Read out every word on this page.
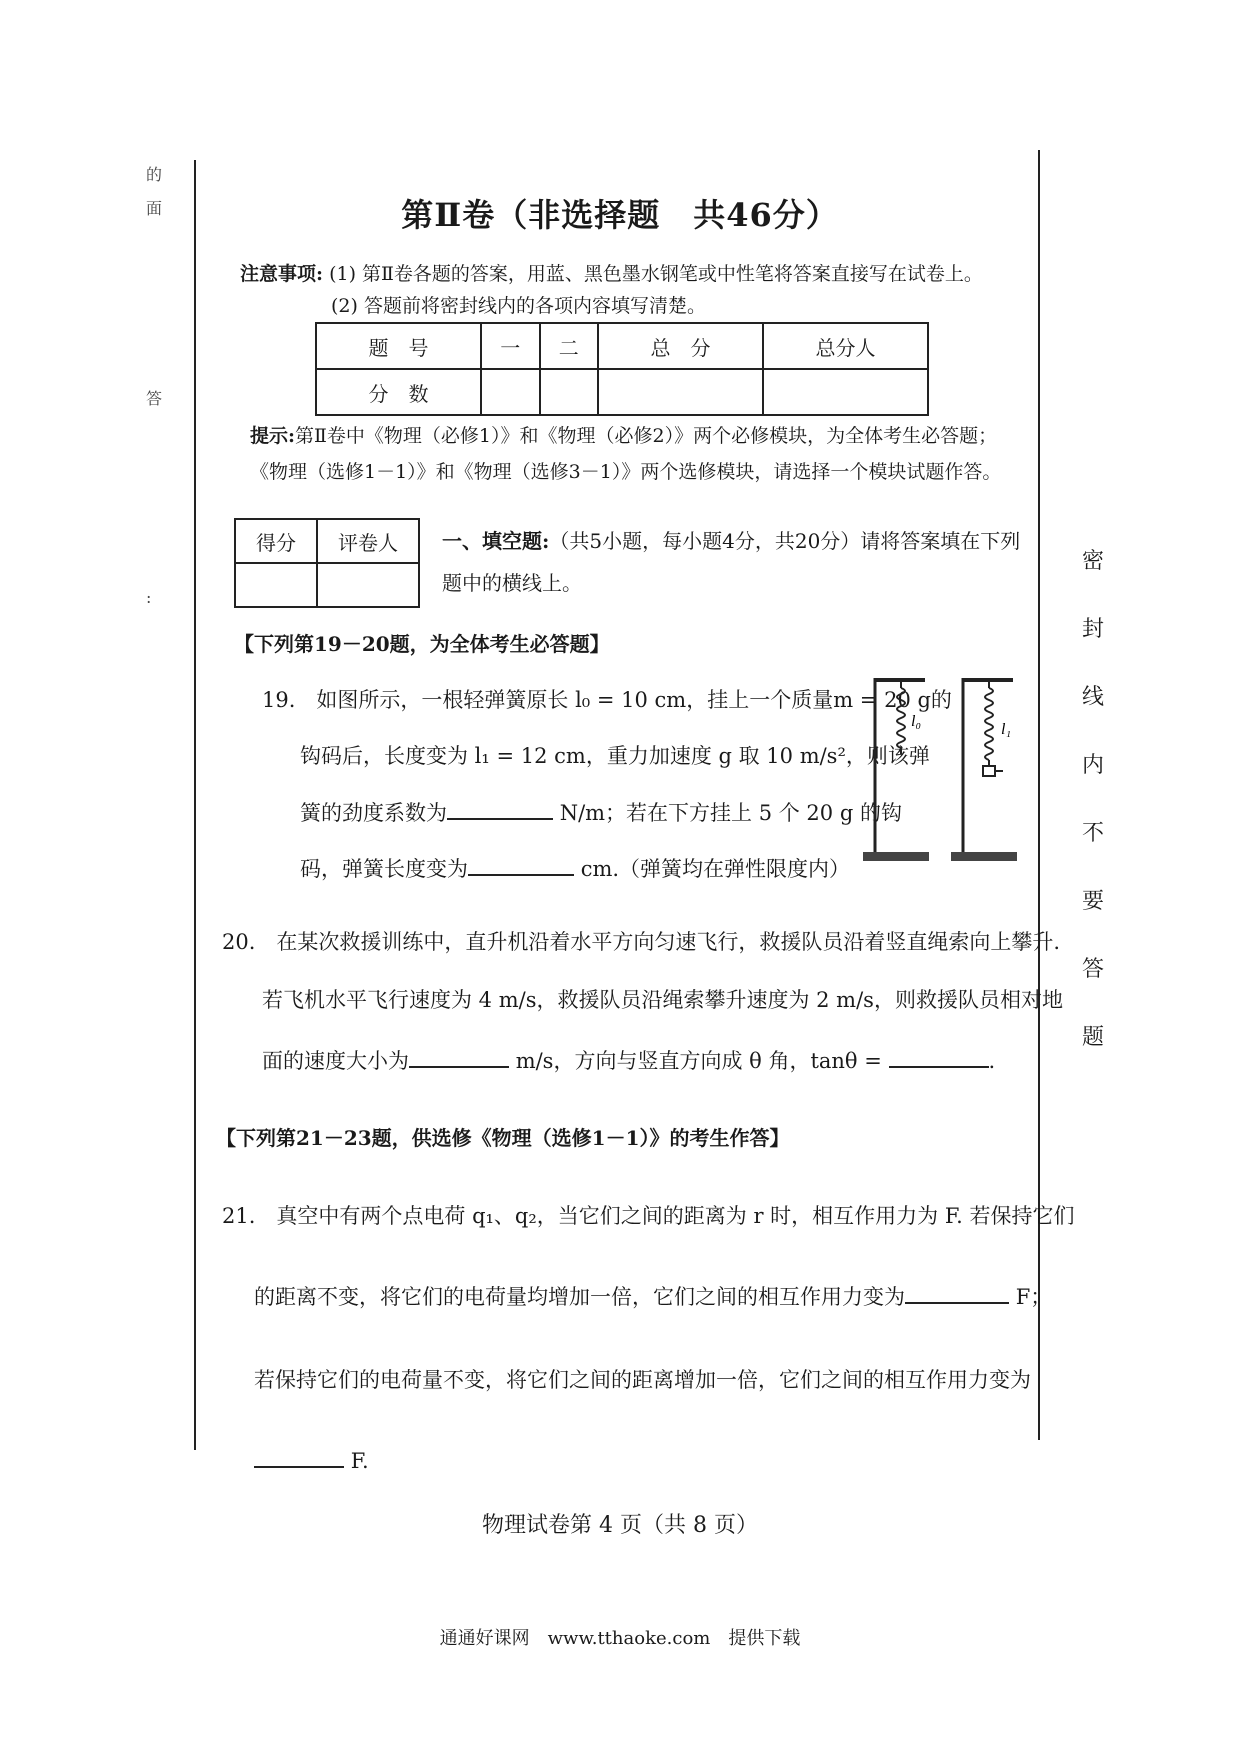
的
面
答
:
第Ⅱ卷（非选择题　共46分）
注意事项: (1) 第Ⅱ卷各题的答案，用蓝、黑色墨水钢笔或中性笔将答案直接写在试卷上。
(2) 答题前将密封线内的各项内容填写清楚。
题　号	一	二	总　分	总分人
分　数				
提示:第Ⅱ卷中《物理（必修1）》和《物理（必修2）》两个必修模块，为全体考生必答题；《物理（选修1－1）》和《物理（选修3－1）》两个选修模块，请选择一个模块试题作答。
得分	评卷人
	一、填空题:（共5小题，每小题4分，共20分）请将答案填在下列题中的横线上。
【下列第19－20题，为全体考生必答题】
19.　如图所示，一根轻弹簧原长 l₀ = 10 cm，挂上一个质量m = 20 g的
钩码后，长度变为 l₁ = 12 cm，重力加速度 g 取 10 m/s²，则该弹
簧的劲度系数为	N/m；若在下方挂上 5 个 20 g 的钩
码，弹簧长度变为	cm.（弹簧均在弹性限度内）
l₀	l₁
20.　在某次救援训练中，直升机沿着水平方向匀速飞行，救援队员沿着竖直绳索向上攀升.
若飞机水平飞行速度为 4 m/s，救援队员沿绳索攀升速度为 2 m/s，则救援队员相对地
面的速度大小为	m/s，方向与竖直方向成 θ 角，tanθ =	.
【下列第21－23题，供选修《物理（选修1－1）》的考生作答】
21.　真空中有两个点电荷 q₁、q₂，当它们之间的距离为 r 时，相互作用力为 F. 若保持它们
的距离不变，将它们的电荷量均增加一倍，它们之间的相互作用力变为	F；
若保持它们的电荷量不变，将它们之间的距离增加一倍，它们之间的相互作用力变为
F.
密
封
线
内
不
要
答
题
物理试卷第 4 页（共 8 页）
通通好课网　www.tthaoke.com　提供下载
